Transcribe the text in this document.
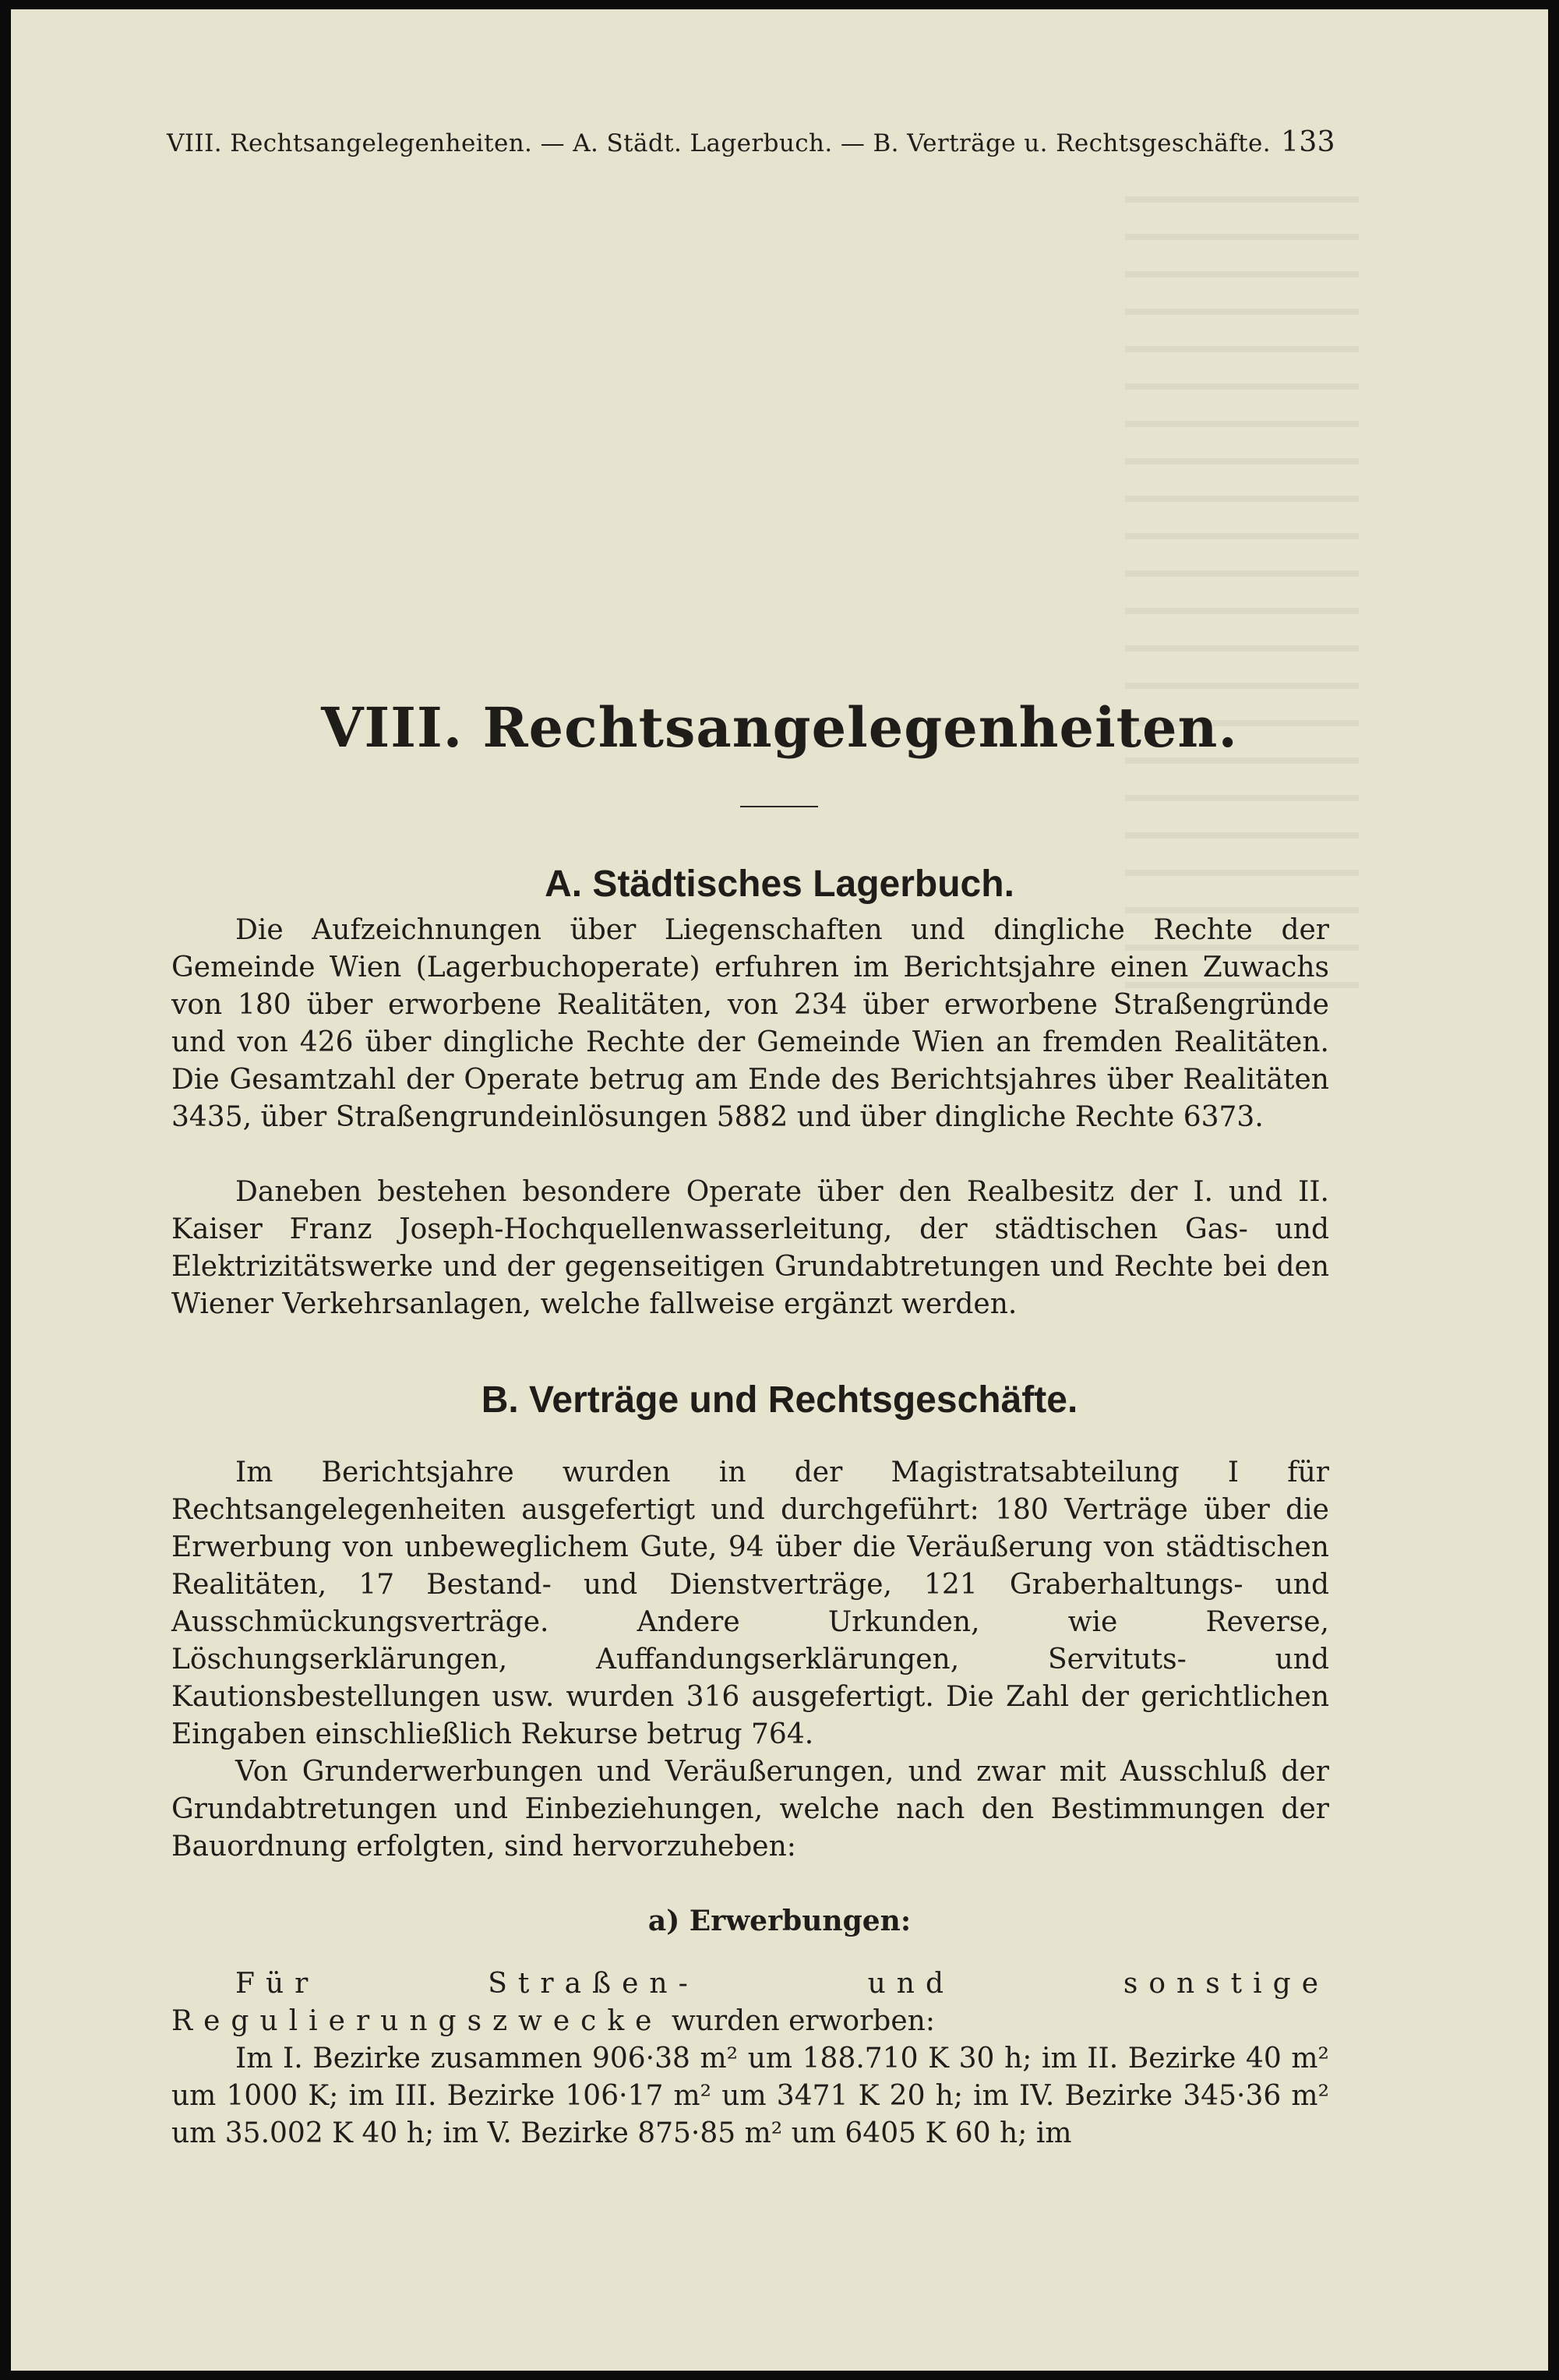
VIII. Rechtsangelegenheiten. — A. Städt. Lagerbuch. — B. Verträge u. Rechtsgeschäfte. 133
VIII. Rechtsangelegenheiten.
A. Städtisches Lagerbuch.

Die Aufzeichnungen über Liegenschaften und dingliche Rechte der Gemeinde Wien (Lagerbuchoperate) erfuhren im Berichtsjahre einen Zuwachs von 180 über erworbene Realitäten, von 234 über erworbene Straßengründe und von 426 über dingliche Rechte der Gemeinde Wien an fremden Realitäten. Die Gesamtzahl der Operate betrug am Ende des Berichtsjahres über Realitäten 3435, über Straßengrundeinlösungen 5882 und über dingliche Rechte 6373.

Daneben bestehen besondere Operate über den Realbesitz der I. und II. Kaiser Franz Joseph-Hochquellenwasserleitung, der städtischen Gas- und Elektrizitätswerke und der gegenseitigen Grundabtretungen und Rechte bei den Wiener Verkehrsanlagen, welche fallweise ergänzt werden.

B. Verträge und Rechtsgeschäfte.

Im Berichtsjahre wurden in der Magistratsabteilung I für Rechtsangelegenheiten ausgefertigt und durchgeführt: 180 Verträge über die Erwerbung von unbeweglichem Gute, 94 über die Veräußerung von städtischen Realitäten, 17 Bestand- und Dienstverträge, 121 Graberhaltungs- und Ausschmückungsverträge. Andere Urkunden, wie Reverse, Löschungserklärungen, Auffandungserklärungen, Servituts- und Kautionsbestellungen usw. wurden 316 ausgefertigt. Die Zahl der gerichtlichen Eingaben einschließlich Rekurse betrug 764.

Von Grunderwerbungen und Veräußerungen, und zwar mit Ausschluß der Grundabtretungen und Einbeziehungen, welche nach den Bestimmungen der Bauordnung erfolgten, sind hervorzuheben:

a) Erwerbungen:

Für Straßen- und sonstige Regulierungszwecke wurden erworben:

Im I. Bezirke zusammen 906·38 m² um 188.710 K 30 h; im II. Bezirke 40 m² um 1000 K; im III. Bezirke 106·17 m² um 3471 K 20 h; im IV. Bezirke 345·36 m² um 35.002 K 40 h; im V. Bezirke 875·85 m² um 6405 K 60 h; im
